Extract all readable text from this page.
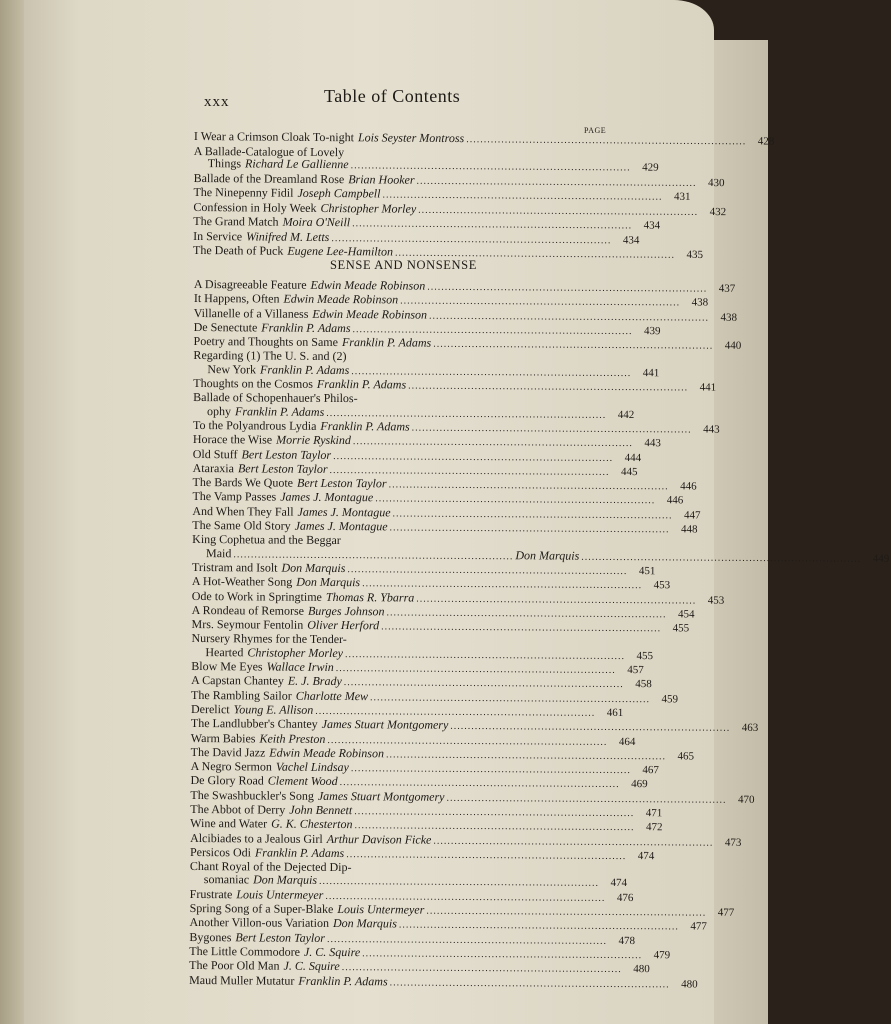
xxx	Table of Contents
PAGE
I Wear a Crimson Cloak To-night Lois Seyster Montross ................................................................................	428
A Ballade-Catalogue of Lovely
Things Richard Le Gallienne ................................................................................	429
Ballade of the Dreamland Rose Brian Hooker ................................................................................	430
The Ninepenny Fidil Joseph Campbell ................................................................................	431
Confession in Holy Week Christopher Morley ................................................................................	432
The Grand Match Moira O'Neill ................................................................................	434
In Service Winifred M. Letts ................................................................................	434
The Death of Puck Eugene Lee-Hamilton ................................................................................	435
SENSE AND NONSENSE
A Disagreeable Feature Edwin Meade Robinson ................................................................................	437
It Happens, Often Edwin Meade Robinson ................................................................................	438
Villanelle of a Villaness Edwin Meade Robinson ................................................................................	438
De Senectute Franklin P. Adams ................................................................................	439
Poetry and Thoughts on Same Franklin P. Adams ................................................................................	440
Regarding (1) The U. S. and (2)
New York Franklin P. Adams ................................................................................	441
Thoughts on the Cosmos Franklin P. Adams ................................................................................	441
Ballade of Schopenhauer's Philos-
ophy Franklin P. Adams ................................................................................	442
To the Polyandrous Lydia Franklin P. Adams ................................................................................	443
Horace the Wise Morrie Ryskind ................................................................................	443
Old Stuff Bert Leston Taylor ................................................................................	444
Ataraxia Bert Leston Taylor ................................................................................	445
The Bards We Quote Bert Leston Taylor ................................................................................	446
The Vamp Passes James J. Montague ................................................................................	446
And When They Fall James J. Montague ................................................................................	447
The Same Old Story James J. Montague ................................................................................	448
King Cophetua and the Beggar
Maid ................................................................................ Don Marquis ................................................................................	449
Tristram and Isolt Don Marquis ................................................................................	451
A Hot-Weather Song Don Marquis ................................................................................	453
Ode to Work in Springtime Thomas R. Ybarra ................................................................................	453
A Rondeau of Remorse Burges Johnson ................................................................................	454
Mrs. Seymour Fentolin Oliver Herford ................................................................................	455
Nursery Rhymes for the Tender-
Hearted Christopher Morley ................................................................................	455
Blow Me Eyes Wallace Irwin ................................................................................	457
A Capstan Chantey E. J. Brady ................................................................................	458
The Rambling Sailor Charlotte Mew ................................................................................	459
Derelict Young E. Allison ................................................................................	461
The Landlubber's Chantey James Stuart Montgomery ................................................................................	463
Warm Babies Keith Preston ................................................................................	464
The David Jazz Edwin Meade Robinson ................................................................................	465
A Negro Sermon Vachel Lindsay ................................................................................	467
De Glory Road Clement Wood ................................................................................	469
The Swashbuckler's Song James Stuart Montgomery ................................................................................	470
The Abbot of Derry John Bennett ................................................................................	471
Wine and Water G. K. Chesterton ................................................................................	472
Alcibiades to a Jealous Girl Arthur Davison Ficke ................................................................................	473
Persicos Odi Franklin P. Adams ................................................................................	474
Chant Royal of the Dejected Dip-
somaniac Don Marquis ................................................................................	474
Frustrate Louis Untermeyer ................................................................................	476
Spring Song of a Super-Blake Louis Untermeyer ................................................................................	477
Another Villon-ous Variation Don Marquis ................................................................................	477
Bygones Bert Leston Taylor ................................................................................	478
The Little Commodore J. C. Squire ................................................................................	479
The Poor Old Man J. C. Squire ................................................................................	480
Maud Muller Mutatur Franklin P. Adams ................................................................................	480
